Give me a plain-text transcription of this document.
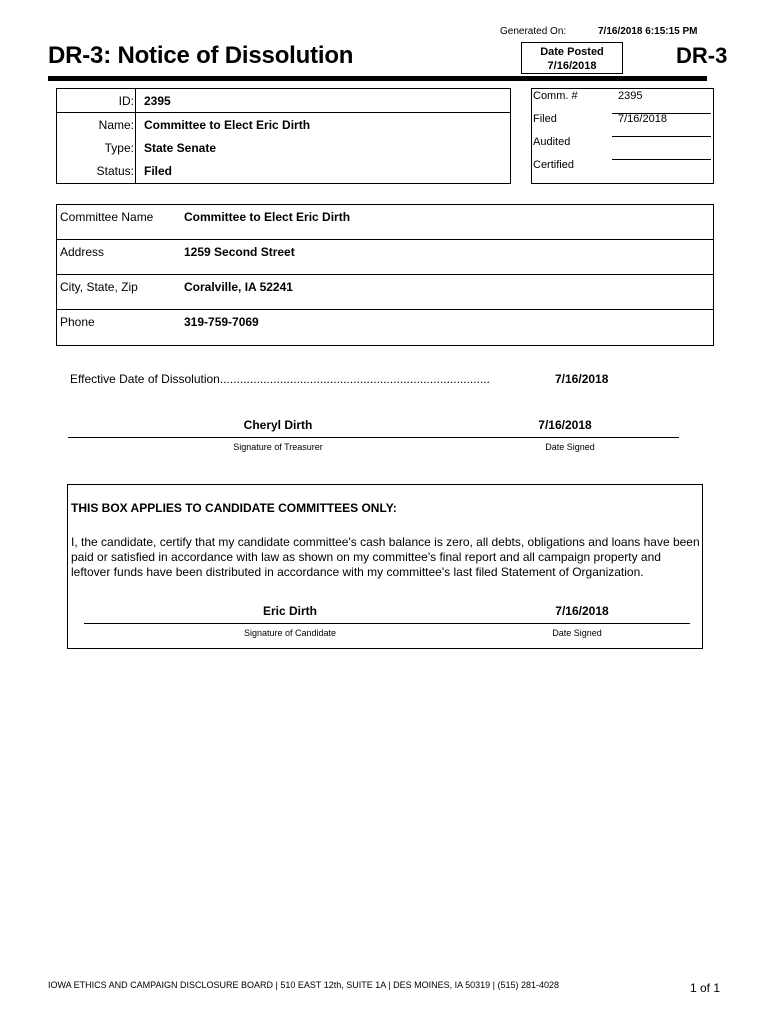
Generated On:	7/16/2018 6:15:15 PM
DR-3: Notice of Dissolution	Date Posted
7/16/2018	DR-3
ID: 2395
Name: Committee to Elect Eric Dirth
Type: State Senate
Status: Filed
Comm. #	2395
Filed	7/16/2018
Audited
Certified
Committee Name	Committee to Elect Eric Dirth
Address	1259 Second Street
City, State, Zip	Coralville, IA 52241
Phone	319-759-7069
Effective Date of Dissolution.................................................................................	7/16/2018
Cheryl Dirth	7/16/2018
Signature of Treasurer	Date Signed
THIS BOX APPLIES TO CANDIDATE COMMITTEES ONLY:
I, the candidate, certify that my candidate committee's cash balance is zero, all debts, obligations and loans have been paid or satisfied in accordance with law as shown on my committee's final report and all campaign property and leftover funds have been distributed in accordance with my committee's last filed Statement of Organization.
Eric Dirth	7/16/2018
Signature of Candidate	Date Signed
IOWA ETHICS AND CAMPAIGN DISCLOSURE BOARD | 510 EAST 12th, SUITE 1A | DES MOINES, IA 50319 | (515) 281-4028	1 of 1
